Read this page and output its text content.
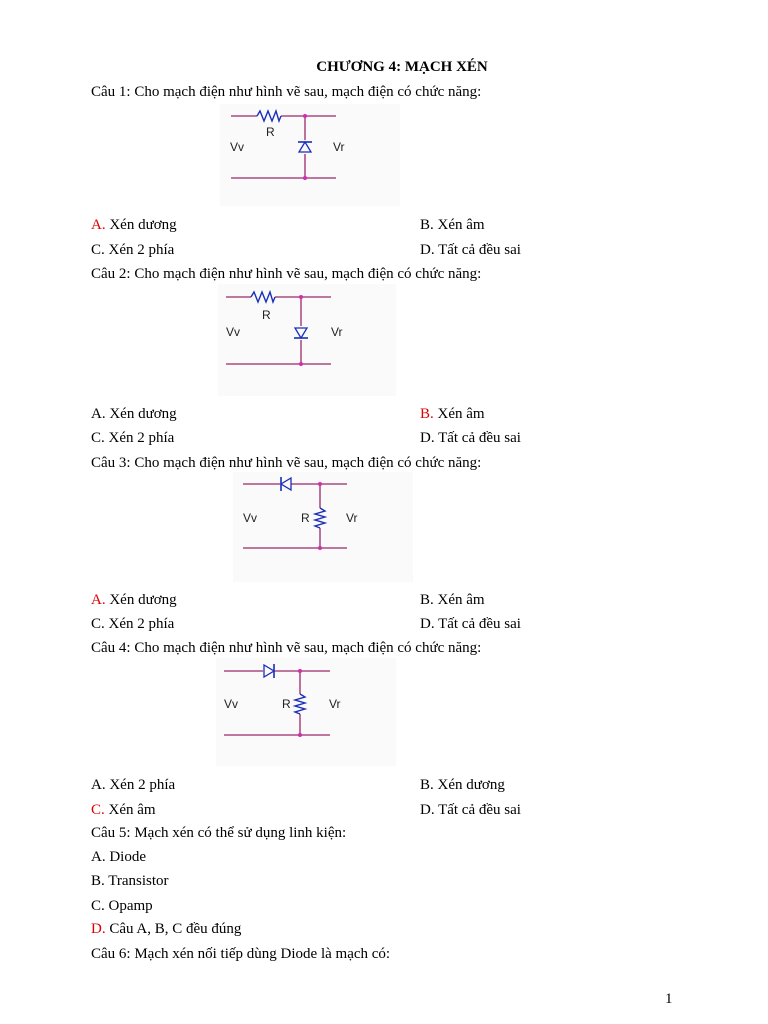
CHƯƠNG 4: MẠCH XÉN
Câu 1: Cho mạch điện như hình vẽ sau, mạch điện có chức năng:
Vv	Vr
R
A. Xén dương	B. Xén âm
C. Xén 2 phía	D. Tất cả đều sai
Câu 2: Cho mạch điện như hình vẽ sau, mạch điện có chức năng:
Vv	Vr
R
A. Xén dương	B. Xén âm
C. Xén 2 phía	D. Tất cả đều sai
Câu 3: Cho mạch điện như hình vẽ sau, mạch điện có chức năng:
Vv	Vr
R
A. Xén dương	B. Xén âm
C. Xén 2 phía	D. Tất cả đều sai
Câu 4: Cho mạch điện như hình vẽ sau, mạch điện có chức năng:
Vv	Vr
R
A. Xén 2 phía	B. Xén dương
C. Xén âm	D. Tất cả đều sai
Câu 5: Mạch xén có thể sử dụng linh kiện:
A. Diode
B. Transistor
C. Opamp
D. Câu A, B, C đều đúng
Câu 6: Mạch xén nối tiếp dùng Diode là mạch có:
1
